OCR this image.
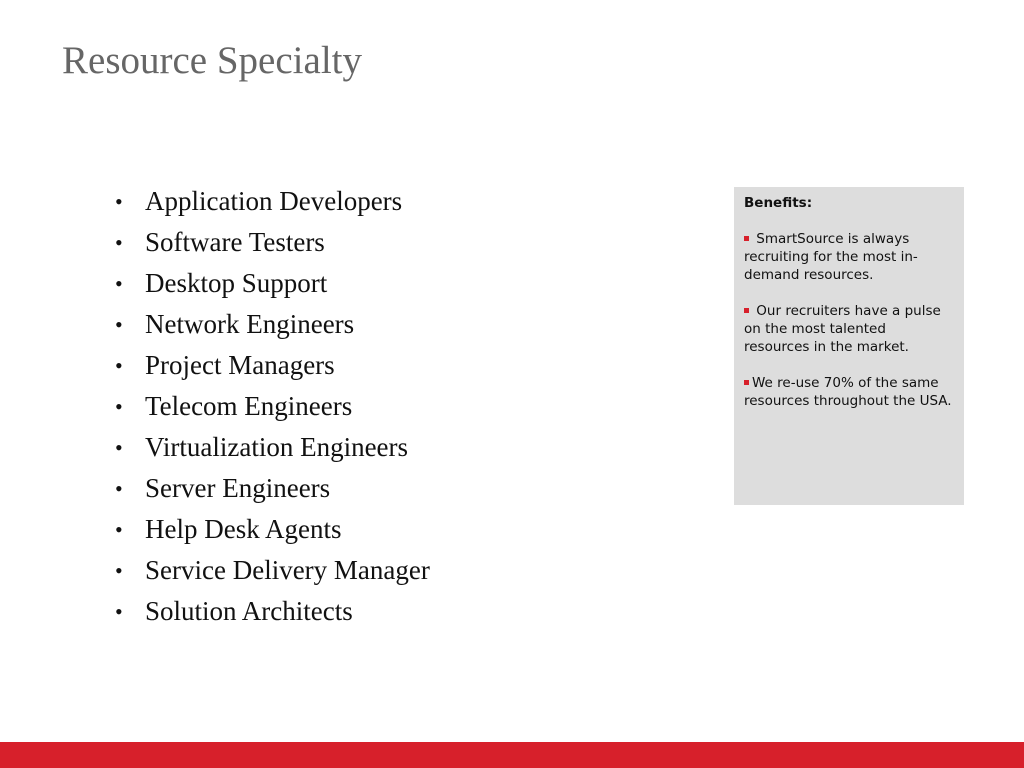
Resource Specialty
• Application Developers
• Software Testers
• Desktop Support
• Network Engineers
• Project Managers
• Telecom Engineers
• Virtualization Engineers
• Server Engineers
• Help Desk Agents
• Service Delivery Manager
• Solution Architects

Benefits:

SmartSource is always recruiting for the most in-demand resources.

Our recruiters have a pulse on the most talented resources in the market.

We re-use 70% of the same resources throughout the USA.
